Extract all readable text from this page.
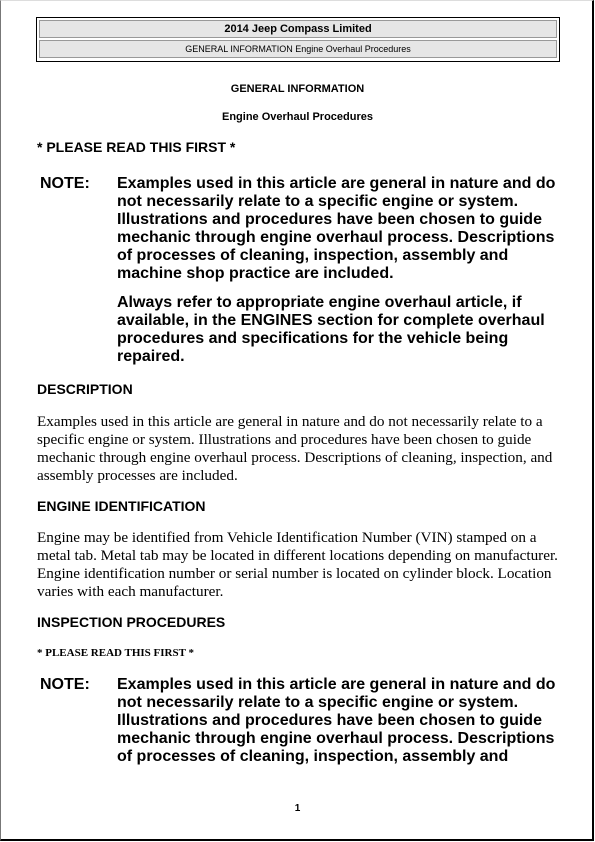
2014 Jeep Compass Limited
GENERAL INFORMATION Engine Overhaul Procedures
GENERAL INFORMATION
Engine Overhaul Procedures
* PLEASE READ THIS FIRST *
NOTE: Examples used in this article are general in nature and do not necessarily relate to a specific engine or system. Illustrations and procedures have been chosen to guide mechanic through engine overhaul process. Descriptions of processes of cleaning, inspection, assembly and machine shop practice are included.
Always refer to appropriate engine overhaul article, if available, in the ENGINES section for complete overhaul procedures and specifications for the vehicle being repaired.
DESCRIPTION
Examples used in this article are general in nature and do not necessarily relate to a specific engine or system. Illustrations and procedures have been chosen to guide mechanic through engine overhaul process. Descriptions of cleaning, inspection, and assembly processes are included.
ENGINE IDENTIFICATION
Engine may be identified from Vehicle Identification Number (VIN) stamped on a metal tab. Metal tab may be located in different locations depending on manufacturer. Engine identification number or serial number is located on cylinder block. Location varies with each manufacturer.
INSPECTION PROCEDURES
* PLEASE READ THIS FIRST *
NOTE: Examples used in this article are general in nature and do not necessarily relate to a specific engine or system. Illustrations and procedures have been chosen to guide mechanic through engine overhaul process. Descriptions of processes of cleaning, inspection, assembly and
1
